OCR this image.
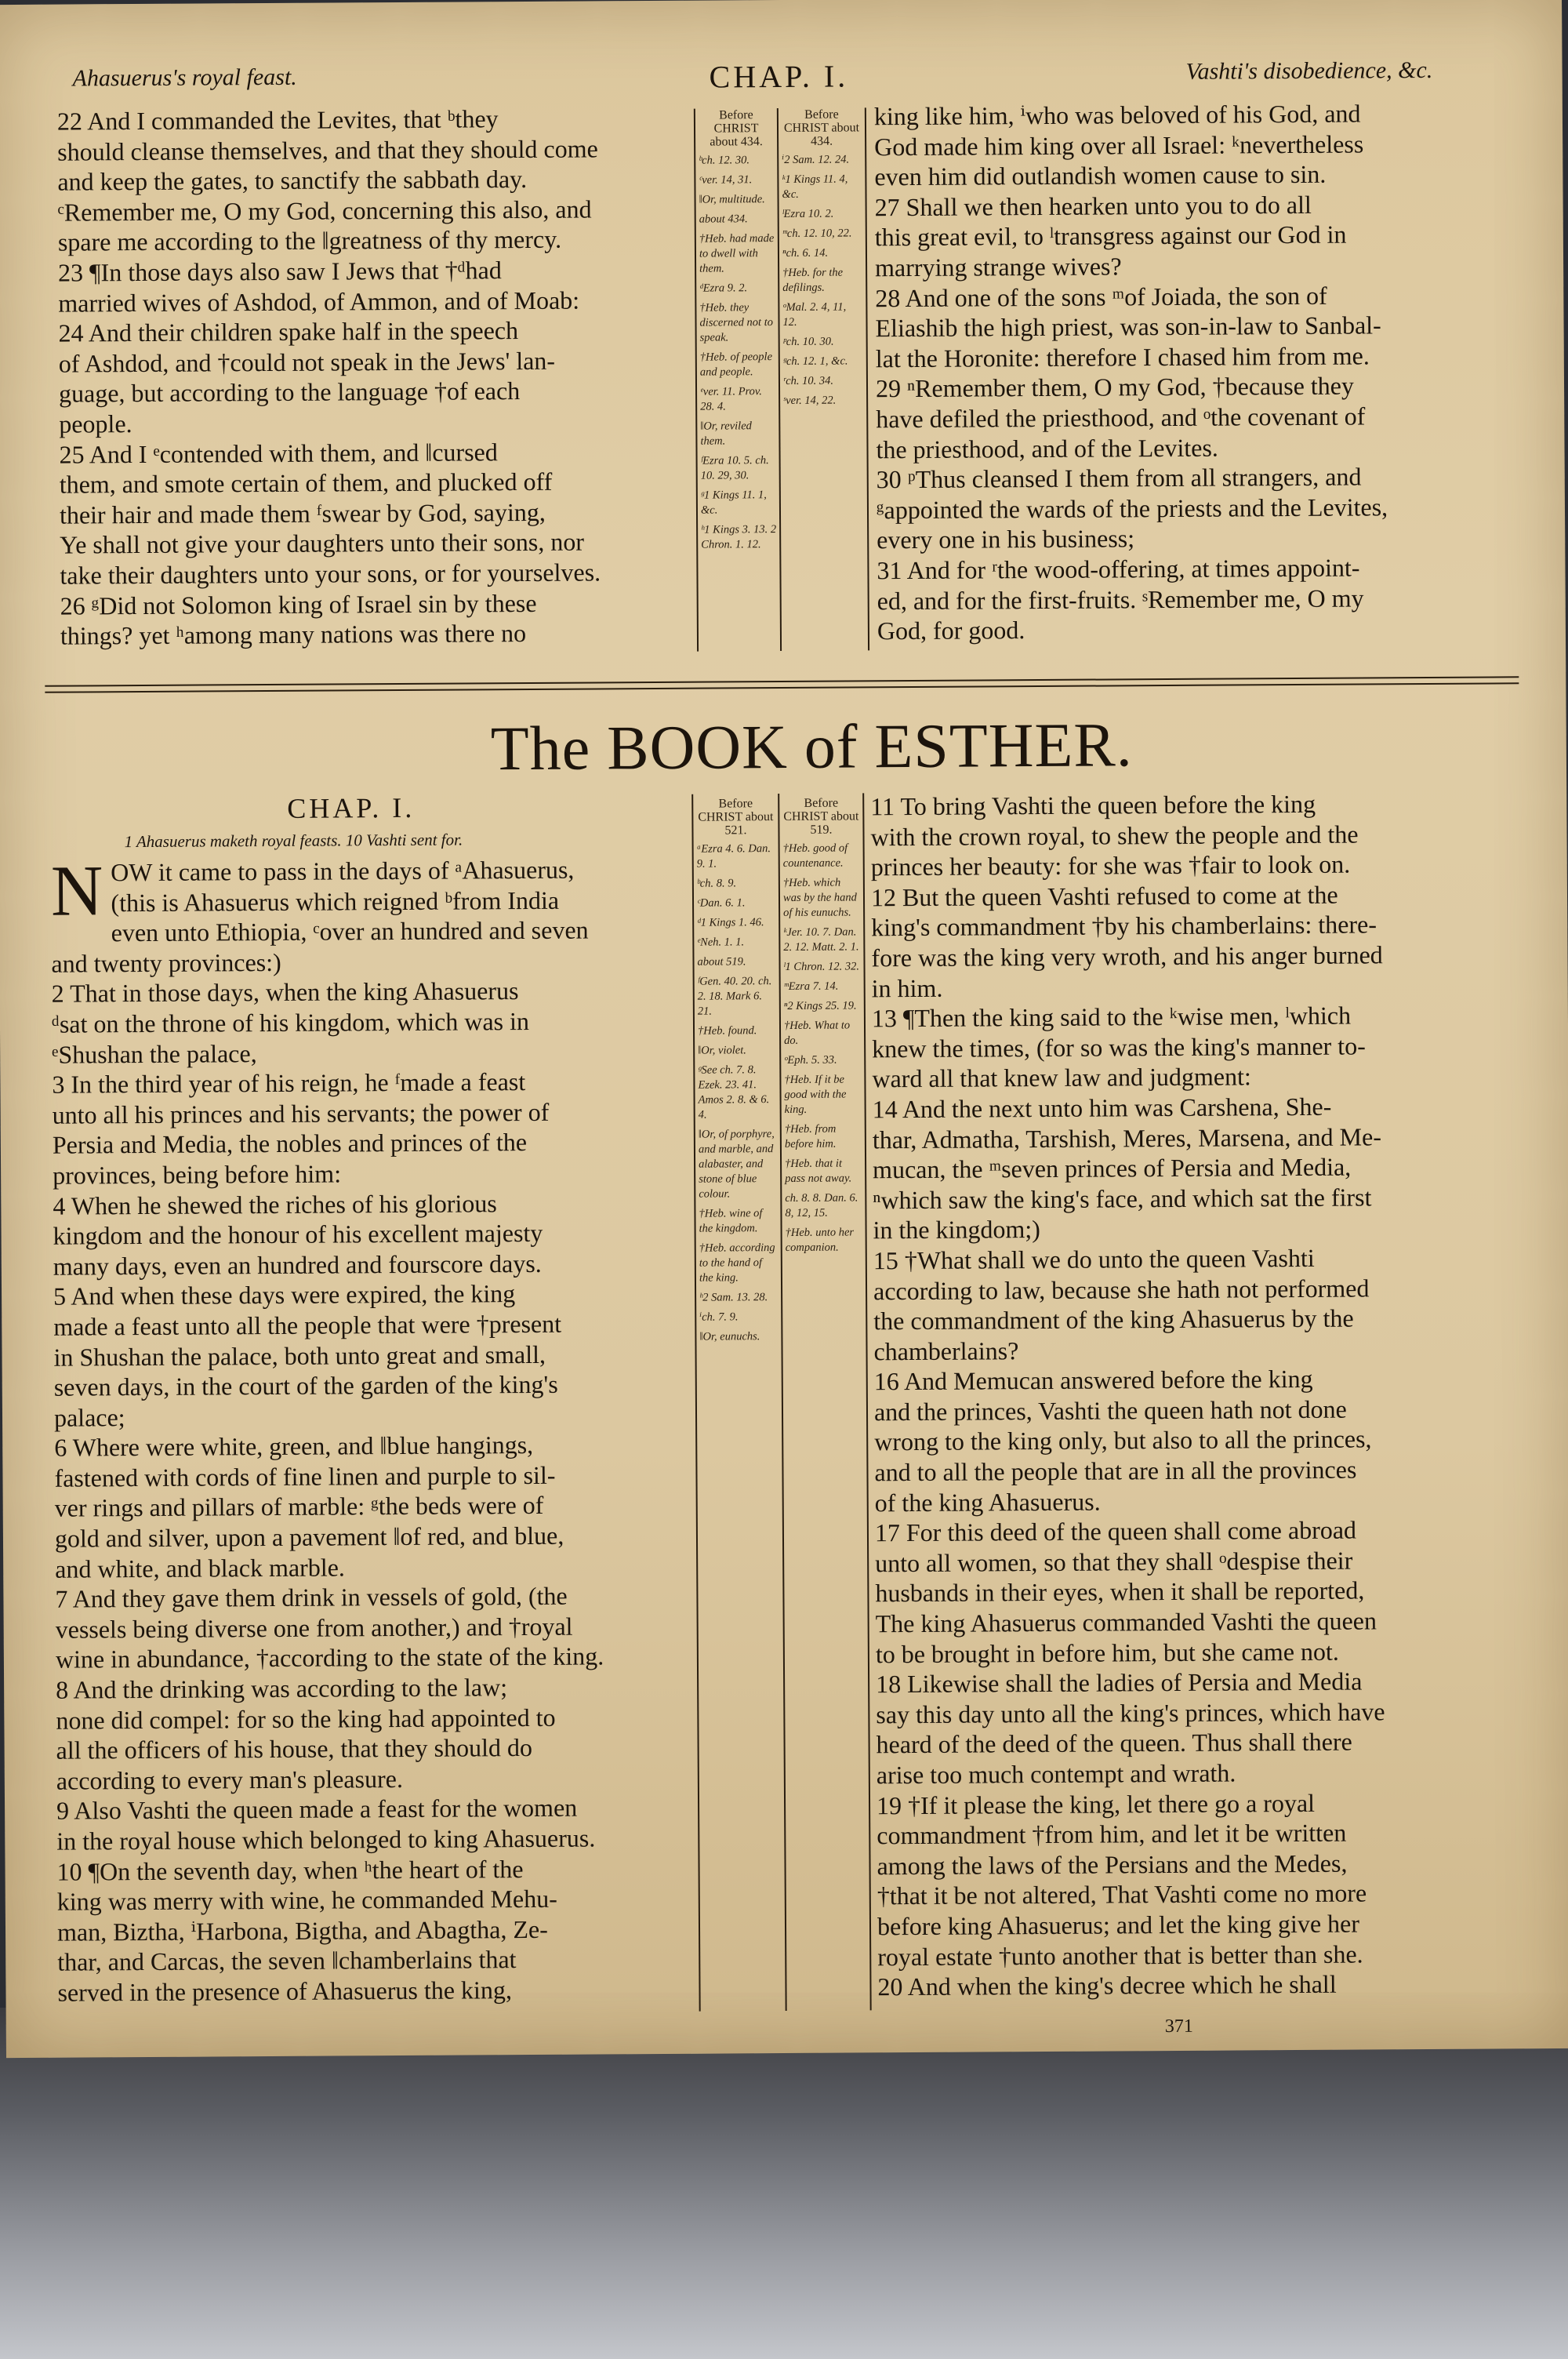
Ahasuerus's royal feast.	CHAP. I.	Vashti's disobedience, &c.
22 And I commanded the Levites, that ᵇthey
should cleanse themselves, and that they should come
and keep the gates, to sanctify the sabbath day.
ᶜRemember me, O my God, concerning this also, and
spare me according to the ‖greatness of thy mercy.
23 ¶In those days also saw I Jews that †ᵈhad
married wives of Ashdod, of Ammon, and of Moab:
24 And their children spake half in the speech
of Ashdod, and †could not speak in the Jews' lan-
guage, but according to the language †of each
people.
25 And I ᵉcontended with them, and ‖cursed
them, and smote certain of them, and plucked off
their hair and made them ᶠswear by God, saying,
Ye shall not give your daughters unto their sons, nor
take their daughters unto your sons, or for yourselves.
26 ᵍDid not Solomon king of Israel sin by these
things? yet ʰamong many nations was there no
Before CHRIST about 434.
ᵇch. 12. 30.
ᶜver. 14, 31.
‖Or, multitude.
about 434.
†Heb. had made to dwell with them.
ᵈEzra 9. 2.
†Heb. they discerned not to speak.
†Heb. of people and people.
ᵉver. 11. Prov. 28. 4.
‖Or, reviled them.
ᶠEzra 10. 5. ch. 10. 29, 30.
ᵍ1 Kings 11. 1, &c.
ʰ1 Kings 3. 13. 2 Chron. 1. 12.
Before CHRIST about 434.
ⁱ2 Sam. 12. 24.
ᵏ1 Kings 11. 4, &c.
ˡEzra 10. 2.
ᵐch. 12. 10, 22.
ⁿch. 6. 14.
†Heb. for the defilings.
ᵒMal. 2. 4, 11, 12.
ᵖch. 10. 30.
ᵍch. 12. 1, &c.
ʳch. 10. 34.
ˢver. 14, 22.
king like him, ⁱwho was beloved of his God, and
God made him king over all Israel: ᵏnevertheless
even him did outlandish women cause to sin.
27 Shall we then hearken unto you to do all
this great evil, to ˡtransgress against our God in
marrying strange wives?
28 And one of the sons ᵐof Joiada, the son of
Eliashib the high priest, was son-in-law to Sanbal-
lat the Horonite: therefore I chased him from me.
29 ⁿRemember them, O my God, †because they
have defiled the priesthood, and ᵒthe covenant of
the priesthood, and of the Levites.
30 ᵖThus cleansed I them from all strangers, and
ᵍappointed the wards of the priests and the Levites,
every one in his business;
31 And for ʳthe wood-offering, at times appoint-
ed, and for the first-fruits. ˢRemember me, O my
God, for good.
The BOOK of ESTHER.
CHAP. I.
1 Ahasuerus maketh royal feasts. 10 Vashti sent for.
N OW it came to pass in the days of ᵃAhasuerus,
(this is Ahasuerus which reigned ᵇfrom India
even unto Ethiopia, ᶜover an hundred and seven
and twenty provinces:)
2 That in those days, when the king Ahasuerus
ᵈsat on the throne of his kingdom, which was in
ᵉShushan the palace,
3 In the third year of his reign, he ᶠmade a feast
unto all his princes and his servants; the power of
Persia and Media, the nobles and princes of the
provinces, being before him:
4 When he shewed the riches of his glorious
kingdom and the honour of his excellent majesty
many days, even an hundred and fourscore days.
5 And when these days were expired, the king
made a feast unto all the people that were †present
in Shushan the palace, both unto great and small,
seven days, in the court of the garden of the king's
palace;
6 Where were white, green, and ‖blue hangings,
fastened with cords of fine linen and purple to sil-
ver rings and pillars of marble: ᵍthe beds were of
gold and silver, upon a pavement ‖of red, and blue,
and white, and black marble.
7 And they gave them drink in vessels of gold, (the
vessels being diverse one from another,) and †royal
wine in abundance, †according to the state of the king.
8 And the drinking was according to the law;
none did compel: for so the king had appointed to
all the officers of his house, that they should do
according to every man's pleasure.
9 Also Vashti the queen made a feast for the women
in the royal house which belonged to king Ahasuerus.
10 ¶On the seventh day, when ʰthe heart of the
king was merry with wine, he commanded Mehu-
man, Biztha, ⁱHarbona, Bigtha, and Abagtha, Ze-
thar, and Carcas, the seven ‖chamberlains that
served in the presence of Ahasuerus the king,
Before CHRIST about 521.
ᵃEzra 4. 6. Dan. 9. 1.
ᵇch. 8. 9.
ᶜDan. 6. 1.
ᵈ1 Kings 1. 46.
ᵉNeh. 1. 1.
about 519.
ᶠGen. 40. 20. ch. 2. 18. Mark 6. 21.
†Heb. found.
‖Or, violet.
ᵍSee ch. 7. 8. Ezek. 23. 41. Amos 2. 8. & 6. 4.
‖Or, of porphyre, and marble, and alabaster, and stone of blue colour.
†Heb. wine of the kingdom.
†Heb. according to the hand of the king.
ʰ2 Sam. 13. 28.
ⁱch. 7. 9.
‖Or, eunuchs.
Before CHRIST about 519.
†Heb. good of countenance.
†Heb. which was by the hand of his eunuchs.
ᵏJer. 10. 7. Dan. 2. 12. Matt. 2. 1.
ˡ1 Chron. 12. 32.
ᵐEzra 7. 14.
ⁿ2 Kings 25. 19.
†Heb. What to do.
ᵒEph. 5. 33.
†Heb. If it be good with the king.
†Heb. from before him.
†Heb. that it pass not away.
ch. 8. 8. Dan. 6. 8, 12, 15.
†Heb. unto her companion.
11 To bring Vashti the queen before the king
with the crown royal, to shew the people and the
princes her beauty: for she was †fair to look on.
12 But the queen Vashti refused to come at the
king's commandment †by his chamberlains: there-
fore was the king very wroth, and his anger burned
in him.
13 ¶Then the king said to the ᵏwise men, ˡwhich
knew the times, (for so was the king's manner to-
ward all that knew law and judgment:
14 And the next unto him was Carshena, She-
thar, Admatha, Tarshish, Meres, Marsena, and Me-
mucan, the ᵐseven princes of Persia and Media,
ⁿwhich saw the king's face, and which sat the first
in the kingdom;)
15 †What shall we do unto the queen Vashti
according to law, because she hath not performed
the commandment of the king Ahasuerus by the
chamberlains?
16 And Memucan answered before the king
and the princes, Vashti the queen hath not done
wrong to the king only, but also to all the princes,
and to all the people that are in all the provinces
of the king Ahasuerus.
17 For this deed of the queen shall come abroad
unto all women, so that they shall ᵒdespise their
husbands in their eyes, when it shall be reported,
The king Ahasuerus commanded Vashti the queen
to be brought in before him, but she came not.
18 Likewise shall the ladies of Persia and Media
say this day unto all the king's princes, which have
heard of the deed of the queen. Thus shall there
arise too much contempt and wrath.
19 †If it please the king, let there go a royal
commandment †from him, and let it be written
among the laws of the Persians and the Medes,
†that it be not altered, That Vashti come no more
before king Ahasuerus; and let the king give her
royal estate †unto another that is better than she.
20 And when the king's decree which he shall
371
